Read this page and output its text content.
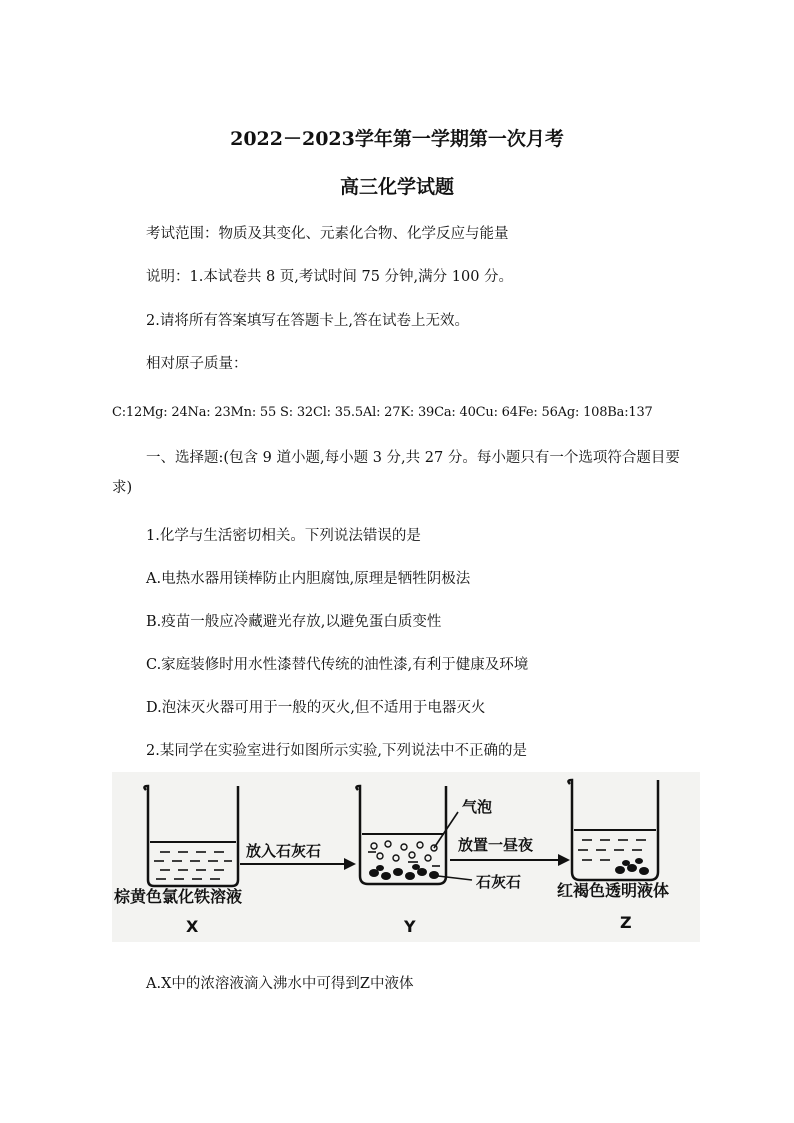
2022－2023学年第一学期第一次月考
高三化学试题
考试范围：物质及其变化、元素化合物、化学反应与能量
说明：1.本试卷共 8 页,考试时间 75 分钟,满分 100 分。
2.请将所有答案填写在答题卡上,答在试卷上无效。
相对原子质量：
C:12Mg: 24Na: 23Mn: 55 S: 32Cl: 35.5Al: 27K: 39Ca: 40Cu: 64Fe: 56Ag: 108Ba:137
一、选择题:(包含 9 道小题,每小题 3 分,共 27 分。每小题只有一个选项符合题目要求)
1.化学与生活密切相关。下列说法错误的是
A.电热水器用镁棒防止内胆腐蚀,原理是牺牲阴极法
B.疫苗一般应冷藏避光存放,以避免蛋白质变性
C.家庭装修时用水性漆替代传统的油性漆,有利于健康及环境
D.泡沫灭火器可用于一般的灭火,但不适用于电器灭火
2.某同学在实验室进行如图所示实验,下列说法中不正确的是
放入石灰石
气泡
石灰石
放置一昼夜
棕黄色氯化铁溶液	红褐色透明液体
X	Y	Z
A.X中的浓溶液滴入沸水中可得到Z中液体
